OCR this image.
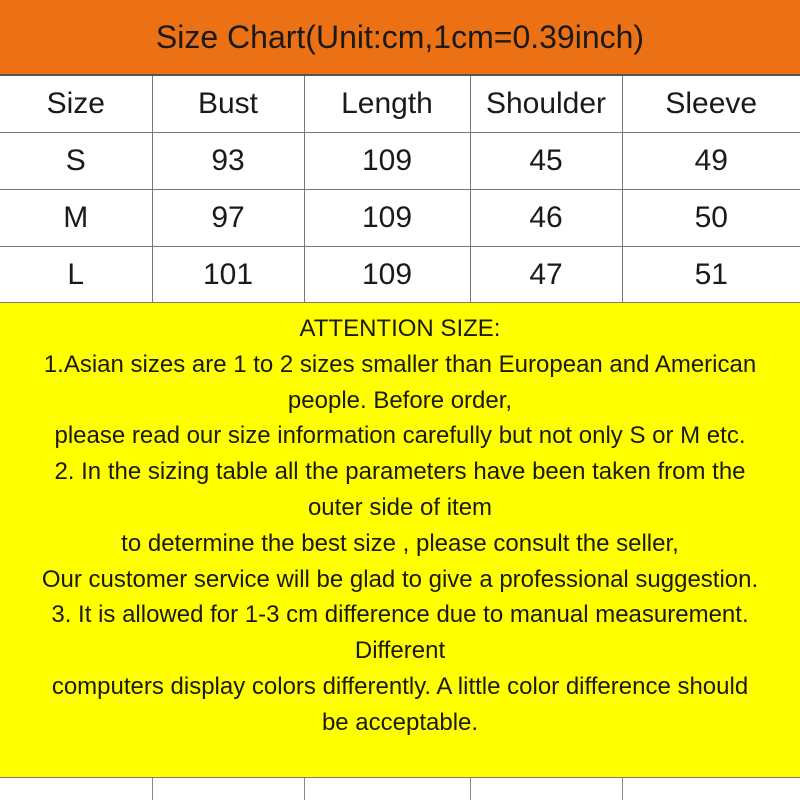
Size Chart(Unit:cm,1cm=0.39inch)
Size	Bust	Length	Shoulder	Sleeve
S	93	109	45	49
M	97	109	46	50
L	101	109	47	51
ATTENTION SIZE:
1.Asian sizes are 1 to 2 sizes smaller than European and American
people. Before order,
please read our size information carefully but not only S or M etc.
2. In the sizing table all the parameters have been taken from the
outer side of item
to determine the best size , please consult the seller,
Our customer service will be glad to give a professional suggestion.
3. It is allowed for 1-3 cm difference due to manual measurement.
Different
computers display colors differently. A little color difference should
be acceptable.
